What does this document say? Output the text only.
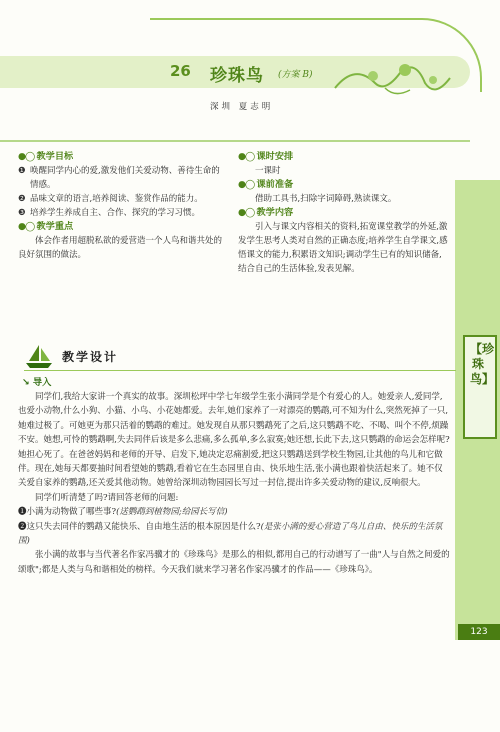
26 珍珠鸟 (方案 B)
深圳 夏志明
【珍珠鸟】
123
●◯ 教学目标
❶ 唤醒同学内心的爱,激发他们关爱动物、善待生命的情感。
❷ 品味文章的语言,培养阅读、鉴赏作品的能力。
❸ 培养学生养成自主、合作、探究的学习习惯。
●◯ 教学重点
体会作者用超脱私欲的爱营造一个人鸟和谐共处的良好氛围的做法。
●◯ 课时安排
一课时
●◯ 课前准备
借助工具书,扫除字词障碍,熟读课文。
●◯ 教学内容
引入与课文内容相关的资料,拓宽课堂教学的外延,激发学生思考人类对自然的正确态度;培养学生自学课文,感悟课文的能力,积累语文知识;调动学生已有的知识储备,结合自己的生活体验,发表见解。
教学设计
↘ 导入

同学们,我给大家讲一个真实的故事。深圳松坪中学七年级学生张小满同学是个有爱心的人。她爱亲人,爱同学,也爱小动物,什么小狗、小猫、小鸟、小花她都爱。去年,她们家养了一对漂亮的鹦鹉,可不知为什么,突然死掉了一只,她难过极了。可她更为那只活着的鹦鹉的难过。她发现自从那只鹦鹉死了之后,这只鹦鹉不吃、不喝、叫个不停,烦躁不安。她想,可怜的鹦鹉啊,失去同伴后该是多么悲痛,多么孤单,多么寂寞;她还想,长此下去,这只鹦鹉的命运会怎样呢?她担心死了。在爸爸妈妈和老师的开导、启发下,她决定忍痛割爱,把这只鹦鹉送到学校生物园,让其他的鸟儿和它做伴。现在,她每天都要抽时间看望她的鹦鹉,看着它在生态园里自由、快乐地生活,张小满也跟着快活起来了。她不仅关爱自家养的鹦鹉,还关爱其他动物。她曾给深圳动物园园长写过一封信,提出许多关爱动物的建议,反响很大。

同学们听清楚了吗?请回答老师的问题:

❶小满为动物做了哪些事?(送鹦鹉到植物园;给园长写信)

❷这只失去同伴的鹦鹉又能快乐、自由地生活的根本原因是什么?(是张小满的爱心营造了鸟儿自由、快乐的生活氛围)

张小满的故事与当代著名作家冯骥才的《珍珠鸟》是那么的相似,都用自己的行动谱写了一曲"人与自然之间爱的颂歌";都是人类与鸟和谐相处的榜样。今天我们就来学习著名作家冯骥才的作品——《珍珠鸟》。
